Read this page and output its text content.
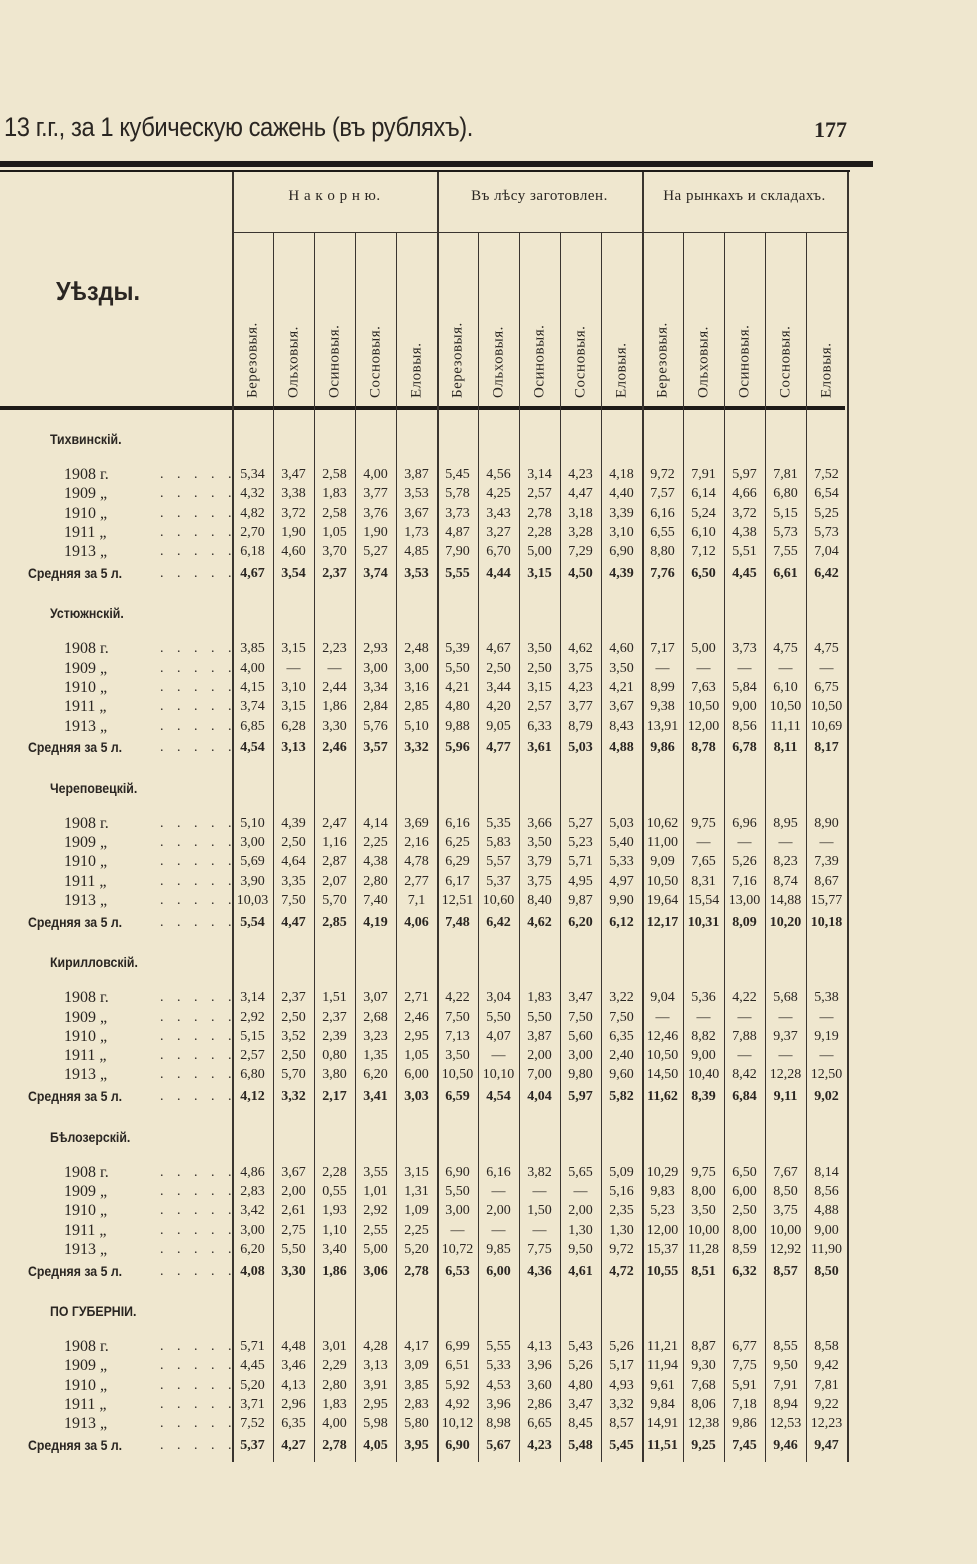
13 г.г., за 1 кубическую сажень (въ рубляхъ).	177
Уѣзды.
Н а к о р н ю.	Въ лѣсу заготовлен.	На рынкахъ и складахъ.
Березовыя. Ольховыя. Осиновыя. Сосновыя. Еловыя. Березовыя. Ольховыя. Осиновыя. Сосновыя. Еловыя. Березовыя. Ольховыя. Осиновыя. Сосновыя. Еловыя.
Тихвинскій.
1908 г.	5,34	3,47	2,58	4,00	3,87	5,45	4,56	3,14	4,23	4,18	9,72	7,91	5,97	7,81	7,52
1909 „	4,32	3,38	1,83	3,77	3,53	5,78	4,25	2,57	4,47	4,40	7,57	6,14	4,66	6,80	6,54
1910 „	4,82	3,72	2,58	3,76	3,67	3,73	3,43	2,78	3,18	3,39	6,16	5,24	3,72	5,15	5,25
1911 „	2,70	1,90	1,05	1,90	1,73	4,87	3,27	2,28	3,28	3,10	6,55	6,10	4,38	5,73	5,73
1913 „	6,18	4,60	3,70	5,27	4,85	7,90	6,70	5,00	7,29	6,90	8,80	7,12	5,51	7,55	7,04
Средняя за 5 л.	4,67	3,54	2,37	3,74	3,53	5,55	4,44	3,15	4,50	4,39	7,76	6,50	4,45	6,61	6,42
Устюжнскій.
1908 г.	3,85	3,15	2,23	2,93	2,48	5,39	4,67	3,50	4,62	4,60	7,17	5,00	3,73	4,75	4,75
1909 „	4,00	—	—	3,00	3,00	5,50	2,50	2,50	3,75	3,50	—	—	—	—	—
1910 „	4,15	3,10	2,44	3,34	3,16	4,21	3,44	3,15	4,23	4,21	8,99	7,63	5,84	6,10	6,75
1911 „	3,74	3,15	1,86	2,84	2,85	4,80	4,20	2,57	3,77	3,67	9,38 10,50 9,00 10,50 10,50
1913 „	6,85	6,28	3,30	5,76	5,10	9,88	9,05	6,33	8,79	8,43 13,91 12,00 8,56 11,11 10,69
Средняя за 5 л.	4,54	3,13	2,46	3,57	3,32	5,96	4,77	3,61	5,03	4,88	9,86	8,78	6,78	8,11	8,17
Череповецкій.
1908 г.	5,10	4,39	2,47	4,14	3,69	6,16	5,35	3,66	5,27	5,03 10,62 9,75	6,96	8,95	8,90
1909 „	3,00	2,50	1,16	2,25	2,16	6,25	5,83	3,50	5,23	5,40 11,00	—	—	—	—
1910 „	5,69	4,64	2,87	4,38	4,78	6,29	5,57	3,79	5,71	5,33	9,09	7,65	5,26	8,23	7,39
1911 „	3,90	3,35	2,07	2,80	2,77	6,17	5,37	3,75	4,95	4,97 10,50 8,31	7,16	8,74	8,67
1913 „	10,03 7,50	5,70	7,40	7,1	12,51 10,60 8,40	9,87	9,90 19,64 15,54 13,00 14,88 15,77
Средняя за 5 л.	5,54	4,47	2,85	4,19	4,06	7,48	6,42	4,62	6,20	6,12 12,17 10,31 8,09 10,20 10,18
Кирилловскій.
1908 г.	3,14	2,37	1,51	3,07	2,71	4,22	3,04	1,83	3,47	3,22	9,04	5,36	4,22	5,68	5,38
1909 „	2,92	2,50	2,37	2,68	2,46	7,50	5,50	5,50	7,50	7,50	—	—	—	—	—
1910 „	5,15	3,52	2,39	3,23	2,95	7,13	4,07	3,87	5,60	6,35 12,46 8,82	7,88	9,37	9,19
1911 „	2,57	2,50	0,80	1,35	1,05	3,50	—	2,00	3,00	2,40 10,50 9,00	—	—	—
1913 „	6,80	5,70	3,80	6,20	6,00 10,50 10,10 7,00	9,80	9,60 14,50 10,40 8,42 12,28 12,50
Средняя за 5 л.	4,12	3,32	2,17	3,41	3,03	6,59	4,54	4,04	5,97	5,82 11,62 8,39	6,84	9,11	9,02
Бѣлозерскій.
1908 г.	4,86	3,67	2,28	3,55	3,15	6,90	6,16	3,82	5,65	5,09 10,29 9,75	6,50	7,67	8,14
1909 „	2,83	2,00	0,55	1,01	1,31	5,50	—	—	—	5,16	9,83	8,00	6,00	8,50	8,56
1910 „	3,42	2,61	1,93	2,92	1,09	3,00	2,00	1,50	2,00	2,35	5,23	3,50	2,50	3,75	4,88
1911 „	3,00	2,75	1,10	2,55	2,25	—	—	—	1,30	1,30 12,00 10,00 8,00 10,00 9,00
1913 „	6,20	5,50	3,40	5,00	5,20 10,72 9,85	7,75	9,50	9,72 15,37 11,28 8,59 12,92 11,90
Средняя за 5 л.	4,08	3,30	1,86	3,06	2,78	6,53	6,00	4,36	4,61	4,72 10,55 8,51	6,32	8,57	8,50
ПО ГУБЕРНІИ.
1908 г.	5,71	4,48	3,01	4,28	4,17	6,99	5,55	4,13	5,43	5,26 11,21 8,87	6,77	8,55	8,58
1909 „	4,45	3,46	2,29	3,13	3,09	6,51	5,33	3,96	5,26	5,17 11,94 9,30	7,75	9,50	9,42
1910 „	5,20	4,13	2,80	3,91	3,85	5,92	4,53	3,60	4,80	4,93	9,61	7,68	5,91	7,91	7,81
1911 „	3,71	2,96	1,83	2,95	2,83	4,92	3,96	2,86	3,47	3,32	9,84	8,06	7,18	8,94	9,22
1913 „	7,52	6,35	4,00	5,98	5,80 10,12 8,98	6,65	8,45	8,57 14,91 12,38 9,86 12,53 12,23
Средняя за 5 л.	5,37	4,27	2,78	4,05	3,95	6,90	5,67	4,23	5,48	5,45 11,51 9,25	7,45	9,46	9,47
. . . . .
. . . . .
. . . . .
. . . . .
. . . . .
. . . . .
. . . . .
. . . . .
. . . . .
. . . . .
. . . . .
. . . . .
. . . . .
. . . . .
. . . . .
. . . . .
. . . . .
. . . . .
. . . . .
. . . . .
. . . . .
. . . . .
. . . . .
. . . . .
. . . . .
. . . . .
. . . . .
. . . . .
. . . . .
. . . . .
. . . . .
. . . . .
. . . . .
. . . . .
. . . . .
. . . . .
